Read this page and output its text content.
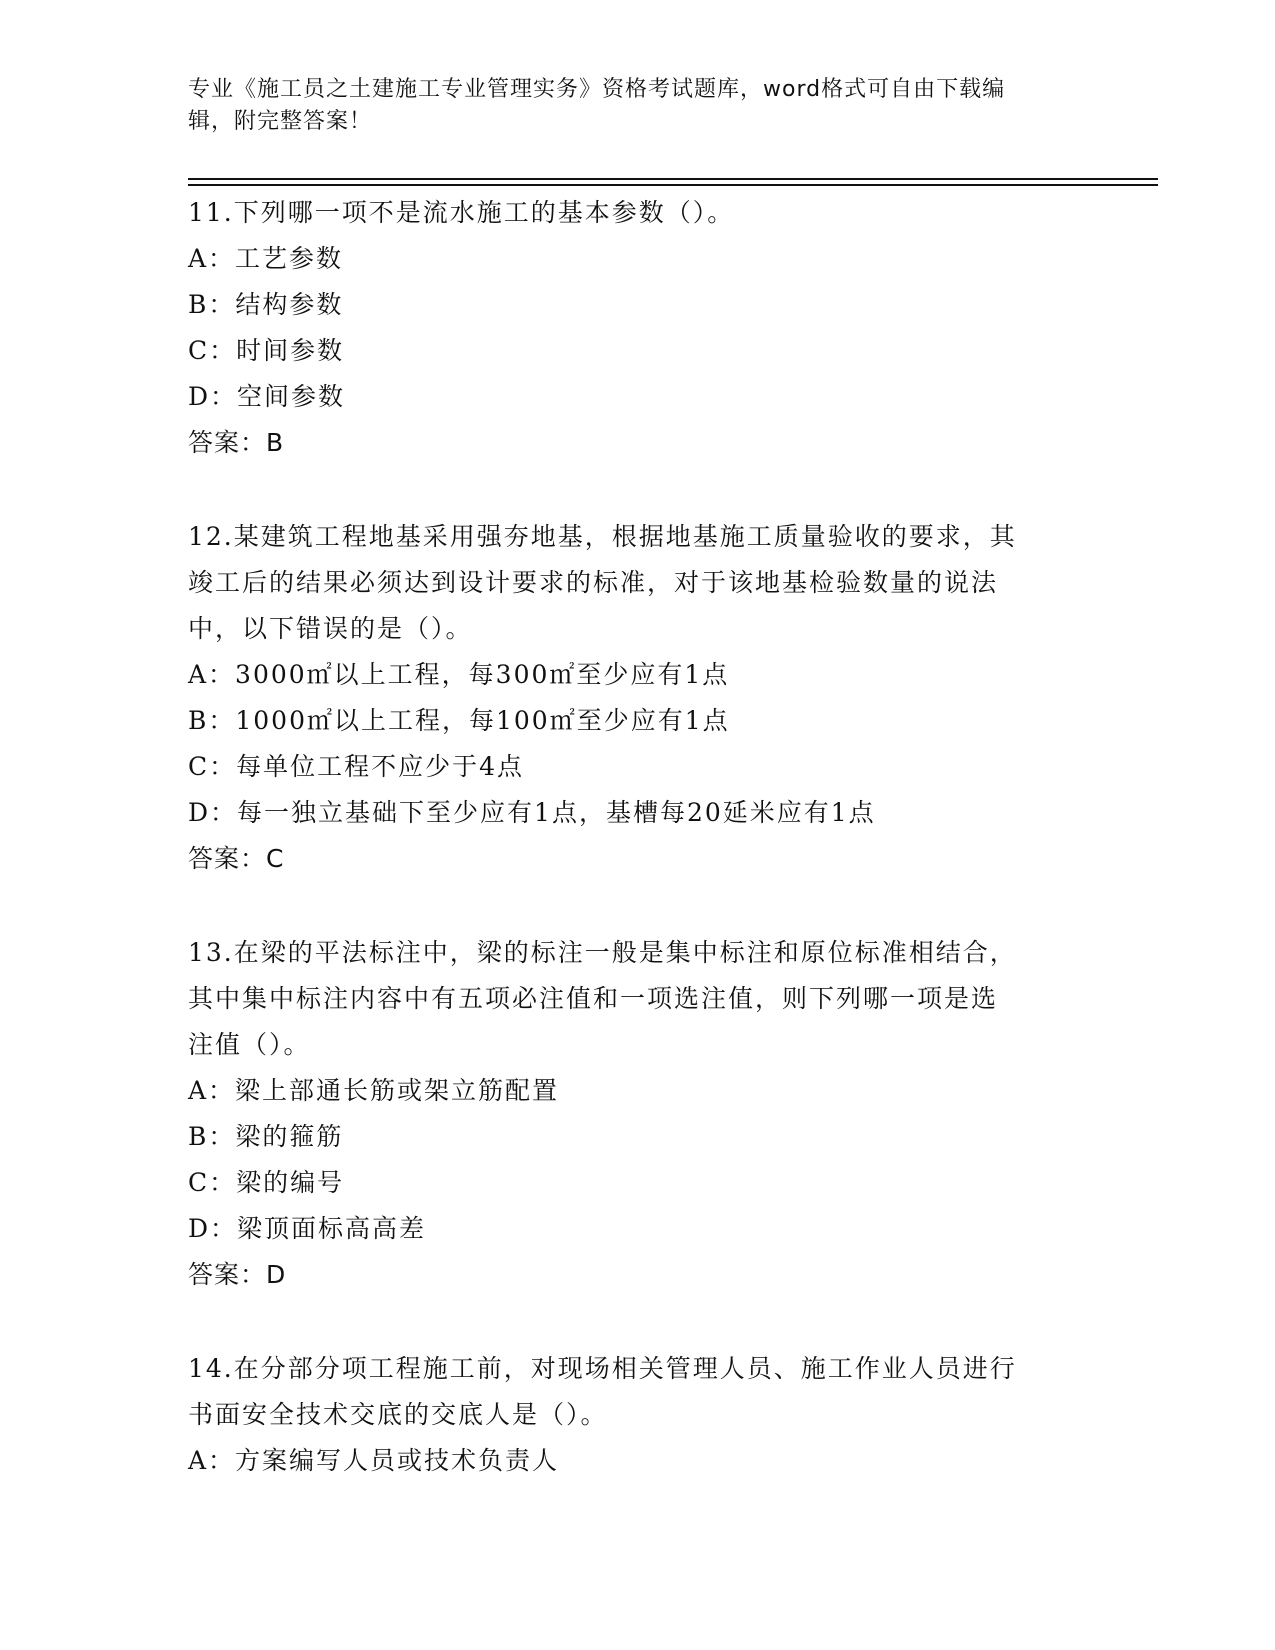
专业《施工员之土建施工专业管理实务》资格考试题库，word格式可自由下载编
辑，附完整答案！
11.下列哪一项不是流水施工的基本参数（）。
A：工艺参数
B：结构参数
C：时间参数
D：空间参数
答案：B
12.某建筑工程地基采用强夯地基，根据地基施工质量验收的要求，其
竣工后的结果必须达到设计要求的标准，对于该地基检验数量的说法
中，以下错误的是（）。
A：3000㎡以上工程，每300㎡至少应有1点
B：1000㎡以上工程，每100㎡至少应有1点
C：每单位工程不应少于4点
D：每一独立基础下至少应有1点，基槽每20延米应有1点
答案：C
13.在梁的平法标注中，梁的标注一般是集中标注和原位标准相结合，
其中集中标注内容中有五项必注值和一项选注值，则下列哪一项是选
注值（）。
A：梁上部通长筋或架立筋配置
B：梁的箍筋
C：梁的编号
D：梁顶面标高高差
答案：D
14.在分部分项工程施工前，对现场相关管理人员、施工作业人员进行
书面安全技术交底的交底人是（）。
A：方案编写人员或技术负责人
